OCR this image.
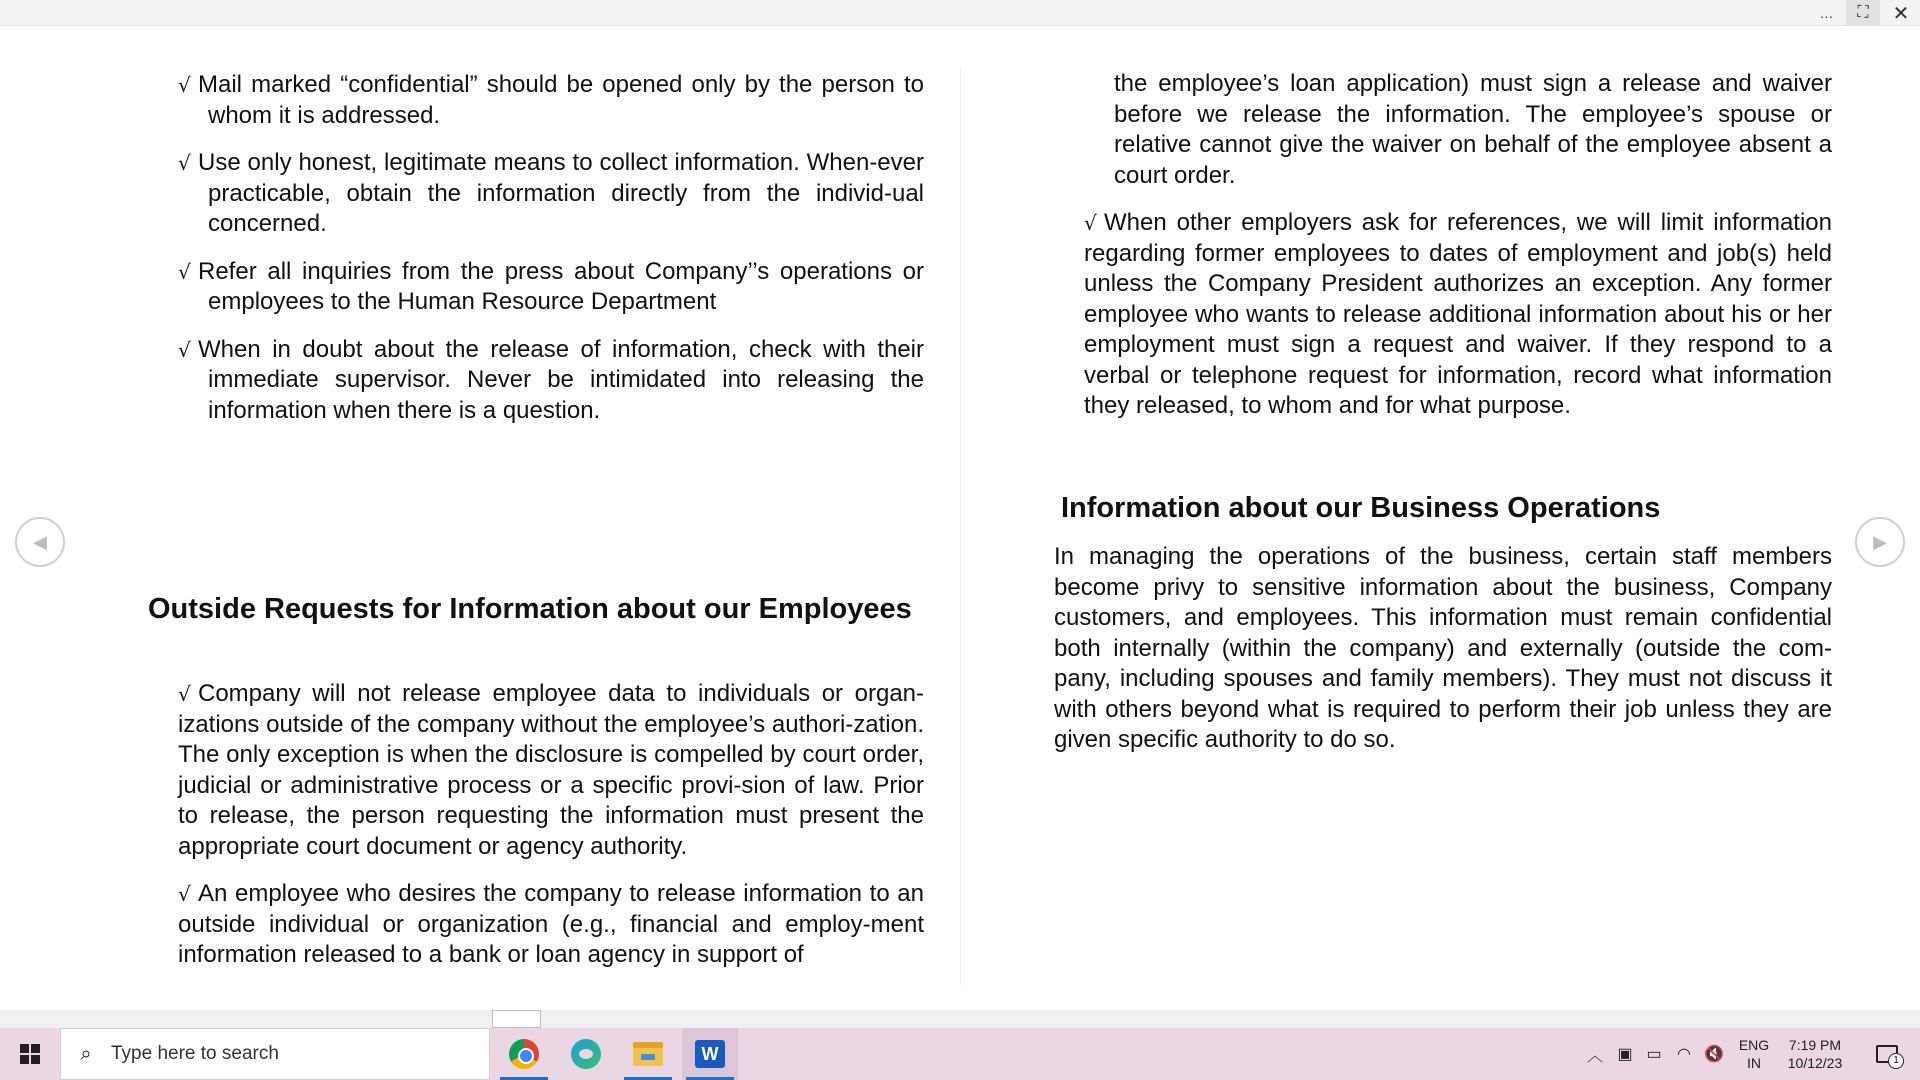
…	⛶	✕
√ Mail marked “confidential” should be opened only by the person to whom it is addressed.
√ Use only honest, legitimate means to collect information. When-ever practicable, obtain the information directly from the individ-ual concerned.
√ Refer all inquiries from the press about Company’’s operations or employees to the Human Resource Department
√ When in doubt about the release of information, check with their immediate supervisor. Never be intimidated into releasing the information when there is a question.
Outside Requests for Information about our Employees
√ Company will not release employee data to individuals or organ-izations outside of the company without the employee’s authori-zation. The only exception is when the disclosure is compelled by court order, judicial or administrative process or a specific provi-sion of law. Prior to release, the person requesting the information must present the appropriate court document or agency authority.
√ An employee who desires the company to release information to an outside individual or organization (e.g., financial and employ-ment information released to a bank or loan agency in support of
the employee’s loan application) must sign a release and waiver before we release the information. The employee’s spouse or relative cannot give the waiver on behalf of the employee absent a court order.
√ When other employers ask for references, we will limit information regarding former employees to dates of employment and job(s) held unless the Company President authorizes an exception. Any former employee who wants to release additional information about his or her employment must sign a request and waiver. If they respond to a verbal or telephone request for information, record what information they released, to whom and for what purpose.
Information about our Business Operations
In managing the operations of the business, certain staff members become privy to sensitive information about the business, Company customers, and employees. This information must remain confidential both internally (within the company) and externally (outside the com-pany, including spouses and family members). They must not discuss it with others beyond what is required to perform their job unless they are given specific authority to do so.
◀	▶
⌕	Type here to search	W	︿ ▣ ▭ ◠ 🔇
ENG
IN
7:19 PM
10/12/23	1
